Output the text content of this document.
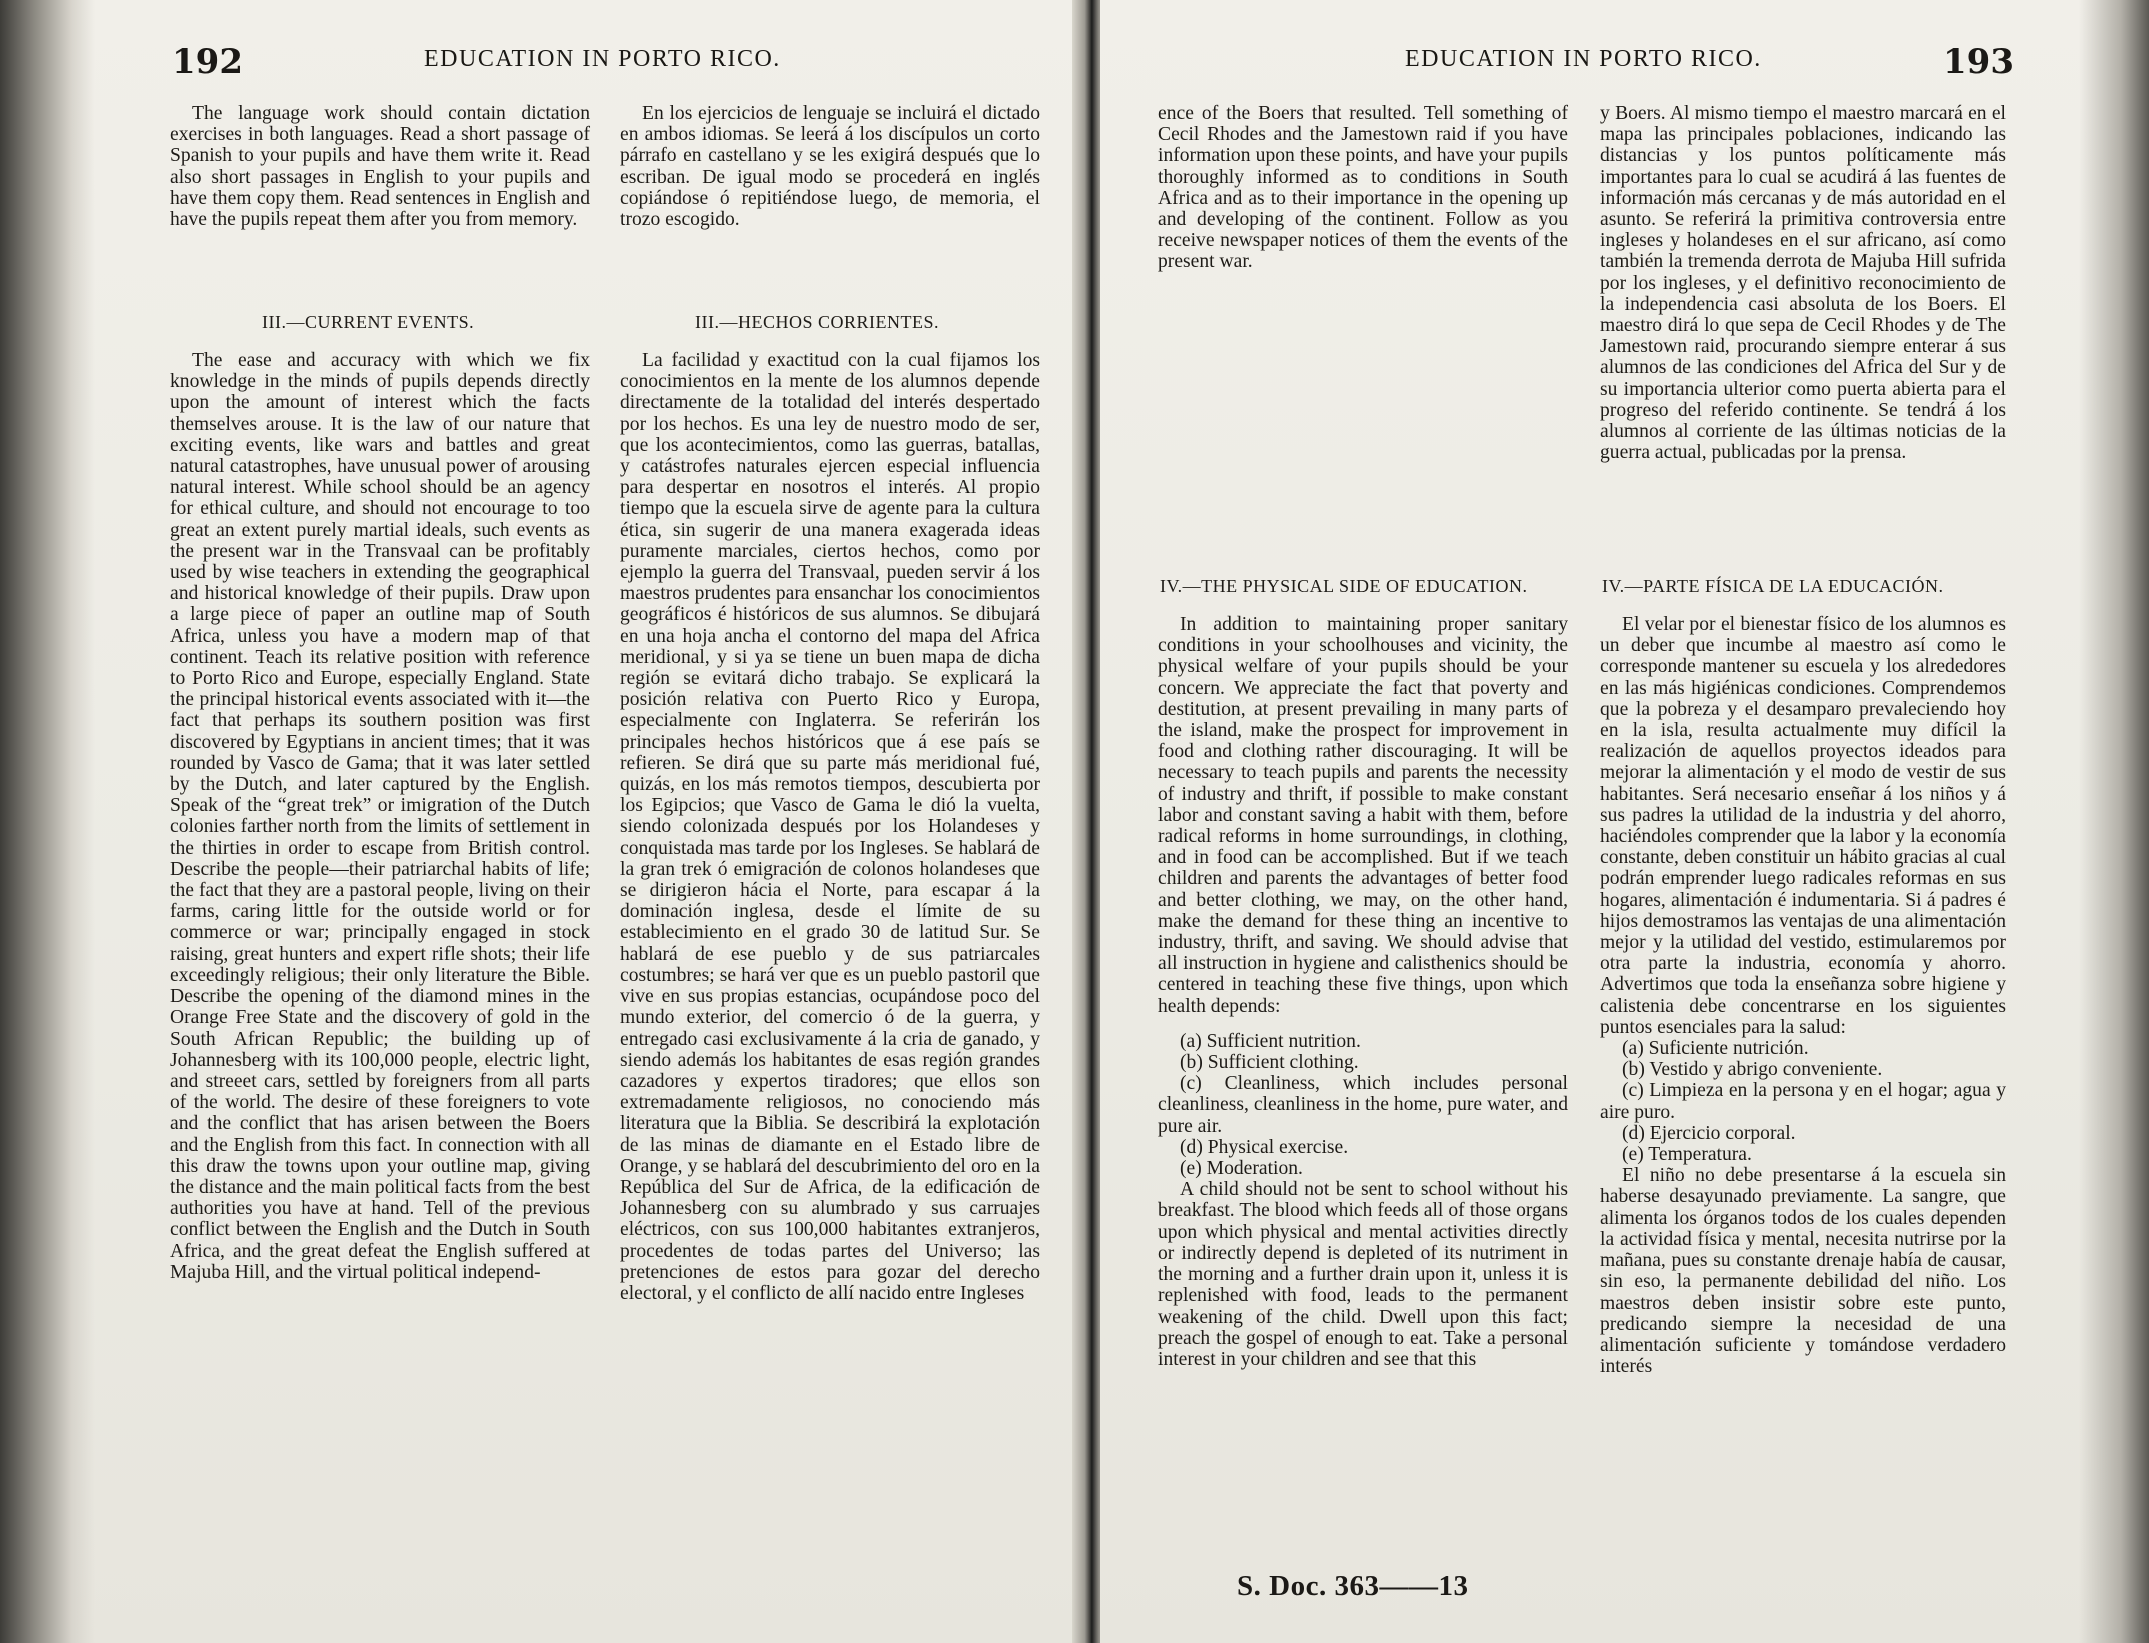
192	EDUCATION IN PORTO RICO.

The language work should contain dictation exercises in both languages. Read a short passage of Spanish to your pupils and have them write it. Read also short passages in English to your pupils and have them copy them. Read sentences in English and have the pupils repeat them after you from memory.

III.—CURRENT EVENTS.

The ease and accuracy with which we fix knowledge in the minds of pupils depends directly upon the amount of interest which the facts themselves arouse. It is the law of our nature that exciting events, like wars and battles and great natural catastrophes, have unusual power of arousing natural interest. While school should be an agency for ethical culture, and should not encourage to too great an extent purely martial ideals, such events as the present war in the Transvaal can be profitably used by wise teachers in extending the geographical and historical knowledge of their pupils. Draw upon a large piece of paper an outline map of South Africa, unless you have a modern map of that continent. Teach its relative position with reference to Porto Rico and Europe, especially England. State the principal historical events associated with it—the fact that perhaps its southern position was first discovered by Egyptians in ancient times; that it was rounded by Vasco de Gama; that it was later settled by the Dutch, and later captured by the English. Speak of the “great trek” or imigration of the Dutch colonies farther north from the limits of settlement in the thirties in order to escape from British control. Describe the people—their patriarchal habits of life; the fact that they are a pastoral people, living on their farms, caring little for the outside world or for commerce or war; principally engaged in stock raising, great hunters and expert rifle shots; their life exceedingly religious; their only literature the Bible. Describe the opening of the diamond mines in the Orange Free State and the discovery of gold in the South African Republic; the building up of Johannesberg with its 100,000 people, electric light, and streeet cars, settled by foreigners from all parts of the world. The desire of these foreigners to vote and the conflict that has arisen between the Boers and the English from this fact. In connection with all this draw the towns upon your outline map, giving the distance and the main political facts from the best authorities you have at hand. Tell of the previous conflict between the English and the Dutch in South Africa, and the great defeat the English suffered at Majuba Hill, and the virtual political independ-

En los ejercicios de lenguaje se incluirá el dictado en ambos idiomas. Se leerá á los discípulos un corto párrafo en castellano y se les exigirá después que lo escriban. De igual modo se procederá en inglés copiándose ó repitiéndose luego, de memoria, el trozo escogido.

III.—HECHOS CORRIENTES.

La facilidad y exactitud con la cual fijamos los conocimientos en la mente de los alumnos depende directamente de la totalidad del interés despertado por los hechos. Es una ley de nuestro modo de ser, que los acontecimientos, como las guerras, batallas, y catástrofes naturales ejercen especial influencia para despertar en nosotros el interés. Al propio tiempo que la escuela sirve de agente para la cultura ética, sin sugerir de una manera exagerada ideas puramente marciales, ciertos hechos, como por ejemplo la guerra del Transvaal, pueden servir á los maestros prudentes para ensanchar los conocimientos geográficos é históricos de sus alumnos. Se dibujará en una hoja ancha el contorno del mapa del Africa meridional, y si ya se tiene un buen mapa de dicha región se evitará dicho trabajo. Se explicará la posición relativa con Puerto Rico y Europa, especialmente con Inglaterra. Se referirán los principales hechos históricos que á ese país se refieren. Se dirá que su parte más meridional fué, quizás, en los más remotos tiempos, descubierta por los Egipcios; que Vasco de Gama le dió la vuelta, siendo colonizada después por los Holandeses y conquistada mas tarde por los Ingleses. Se hablará de la gran trek ó emigración de colonos holandeses que se dirigieron hácia el Norte, para escapar á la dominación inglesa, desde el límite de su establecimiento en el grado 30 de latitud Sur. Se hablará de ese pueblo y de sus patriarcales costumbres; se hará ver que es un pueblo pastoril que vive en sus propias estancias, ocupándose poco del mundo exterior, del comercio ó de la guerra, y entregado casi exclusivamente á la cria de ganado, y siendo además los habitantes de esas región grandes cazadores y expertos tiradores; que ellos son extremadamente religiosos, no conociendo más literatura que la Biblia. Se describirá la explotación de las minas de diamante en el Estado libre de Orange, y se hablará del descubrimiento del oro en la República del Sur de Africa, de la edificación de Johannesberg con su alumbrado y sus carruajes eléctricos, con sus 100,000 habitantes extranjeros, procedentes de todas partes del Universo; las pretenciones de estos para gozar del derecho electoral, y el conflicto de allí nacido entre Ingleses

EDUCATION IN PORTO RICO.	193

ence of the Boers that resulted. Tell something of Cecil Rhodes and the Jamestown raid if you have information upon these points, and have your pupils thoroughly informed as to conditions in South Africa and as to their importance in the opening up and developing of the continent. Follow as you receive newspaper notices of them the events of the present war.

IV.—THE PHYSICAL SIDE OF EDUCATION.

In addition to maintaining proper sanitary conditions in your schoolhouses and vicinity, the physical welfare of your pupils should be your concern. We appreciate the fact that poverty and destitution, at present prevailing in many parts of the island, make the prospect for improvement in food and clothing rather discouraging. It will be necessary to teach pupils and parents the necessity of industry and thrift, if possible to make constant labor and constant saving a habit with them, before radical reforms in home surroundings, in clothing, and in food can be accomplished. But if we teach children and parents the advantages of better food and better clothing, we may, on the other hand, make the demand for these thing an incentive to industry, thrift, and saving. We should advise that all instruction in hygiene and calisthenics should be centered in teaching these five things, upon which health depends:

(a) Sufficient nutrition.
(b) Sufficient clothing.
(c) Cleanliness, which includes personal cleanliness, cleanliness in the home, pure water, and pure air.
(d) Physical exercise.
(e) Moderation.

A child should not be sent to school without his breakfast. The blood which feeds all of those organs upon which physical and mental activities directly or indirectly depend is depleted of its nutriment in the morning and a further drain upon it, unless it is replenished with food, leads to the permanent weakening of the child. Dwell upon this fact; preach the gospel of enough to eat. Take a personal interest in your children and see that this

y Boers. Al mismo tiempo el maestro marcará en el mapa las principales poblaciones, indicando las distancias y los puntos políticamente más importantes para lo cual se acudirá á las fuentes de información más cercanas y de más autoridad en el asunto. Se referirá la primitiva controversia entre ingleses y holandeses en el sur africano, así como también la tremenda derrota de Majuba Hill sufrida por los ingleses, y el definitivo reconocimiento de la independencia casi absoluta de los Boers. El maestro dirá lo que sepa de Cecil Rhodes y de The Jamestown raid, procurando siempre enterar á sus alumnos de las condiciones del Africa del Sur y de su importancia ulterior como puerta abierta para el progreso del referido continente. Se tendrá á los alumnos al corriente de las últimas noticias de la guerra actual, publicadas por la prensa.

IV.—PARTE FÍSICA DE LA EDUCACIÓN.

El velar por el bienestar físico de los alumnos es un deber que incumbe al maestro así como le corresponde mantener su escuela y los alrededores en las más higiénicas condiciones. Comprendemos que la pobreza y el desamparo prevaleciendo hoy en la isla, resulta actualmente muy difícil la realización de aquellos proyectos ideados para mejorar la alimentación y el modo de vestir de sus habitantes. Será necesario enseñar á los niños y á sus padres la utilidad de la industria y del ahorro, haciéndoles comprender que la labor y la economía constante, deben constituir un hábito gracias al cual podrán emprender luego radicales reformas en sus hogares, alimentación é indumentaria. Si á padres é hijos demostramos las ventajas de una alimentación mejor y la utilidad del vestido, estimularemos por otra parte la industria, economía y ahorro. Advertimos que toda la enseñanza sobre higiene y calistenia debe concentrarse en los siguientes puntos esenciales para la salud:

(a) Suficiente nutrición.
(b) Vestido y abrigo conveniente.
(c) Limpieza en la persona y en el hogar; agua y aire puro.
(d) Ejercicio corporal.
(e) Temperatura.

El niño no debe presentarse á la escuela sin haberse desayunado previamente. La sangre, que alimenta los órganos todos de los cuales dependen la actividad física y mental, necesita nutrirse por la mañana, pues su constante drenaje había de causar, sin eso, la permanente debilidad del niño. Los maestros deben insistir sobre este punto, predicando siempre la necesidad de una alimentación suficiente y tomándose verdadero interés

S. Doc. 363——13
